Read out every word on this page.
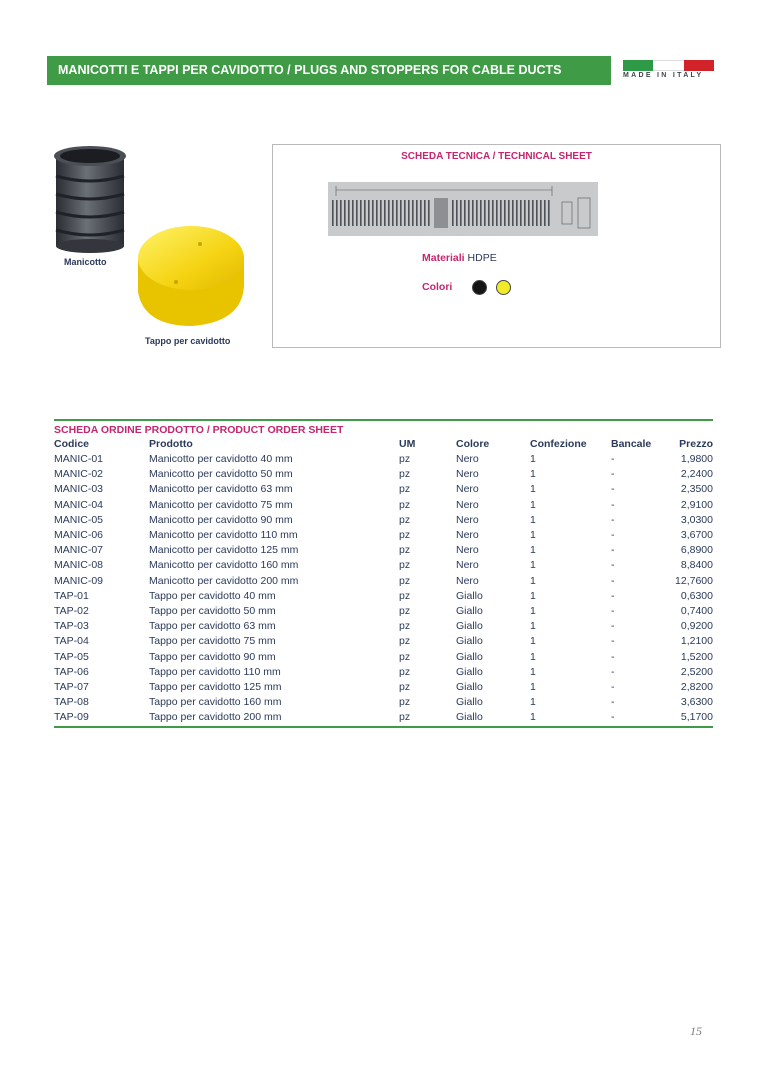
MANICOTTI E TAPPI PER CAVIDOTTO / PLUGS AND STOPPERS FOR CABLE DUCTS	MADE IN ITALY
Manicotto
Tappo per cavidotto
SCHEDA TECNICA / TECHNICAL SHEET
Materiali HDPE
Colori
SCHEDA ORDINE PRODOTTO / PRODUCT ORDER SHEET
Codice	Prodotto	UM	Colore	Confezione	Bancale	Prezzo
MANIC-01	Manicotto per cavidotto 40 mm	pz	Nero	1	-	1,9800
MANIC-02	Manicotto per cavidotto 50 mm	pz	Nero	1	-	2,2400
MANIC-03	Manicotto per cavidotto 63 mm	pz	Nero	1	-	2,3500
MANIC-04	Manicotto per cavidotto 75 mm	pz	Nero	1	-	2,9100
MANIC-05	Manicotto per cavidotto 90 mm	pz	Nero	1	-	3,0300
MANIC-06	Manicotto per cavidotto 110 mm	pz	Nero	1	-	3,6700
MANIC-07	Manicotto per cavidotto 125 mm	pz	Nero	1	-	6,8900
MANIC-08	Manicotto per cavidotto 160 mm	pz	Nero	1	-	8,8400
MANIC-09	Manicotto per cavidotto 200 mm	pz	Nero	1	-	12,7600
TAP-01	Tappo per cavidotto 40 mm	pz	Giallo	1	-	0,6300
TAP-02	Tappo per cavidotto 50 mm	pz	Giallo	1	-	0,7400
TAP-03	Tappo per cavidotto 63 mm	pz	Giallo	1	-	0,9200
TAP-04	Tappo per cavidotto 75 mm	pz	Giallo	1	-	1,2100
TAP-05	Tappo per cavidotto 90 mm	pz	Giallo	1	-	1,5200
TAP-06	Tappo per cavidotto 110 mm	pz	Giallo	1	-	2,5200
TAP-07	Tappo per cavidotto 125 mm	pz	Giallo	1	-	2,8200
TAP-08	Tappo per cavidotto 160 mm	pz	Giallo	1	-	3,6300
TAP-09	Tappo per cavidotto 200 mm	pz	Giallo	1	-	5,1700
15
